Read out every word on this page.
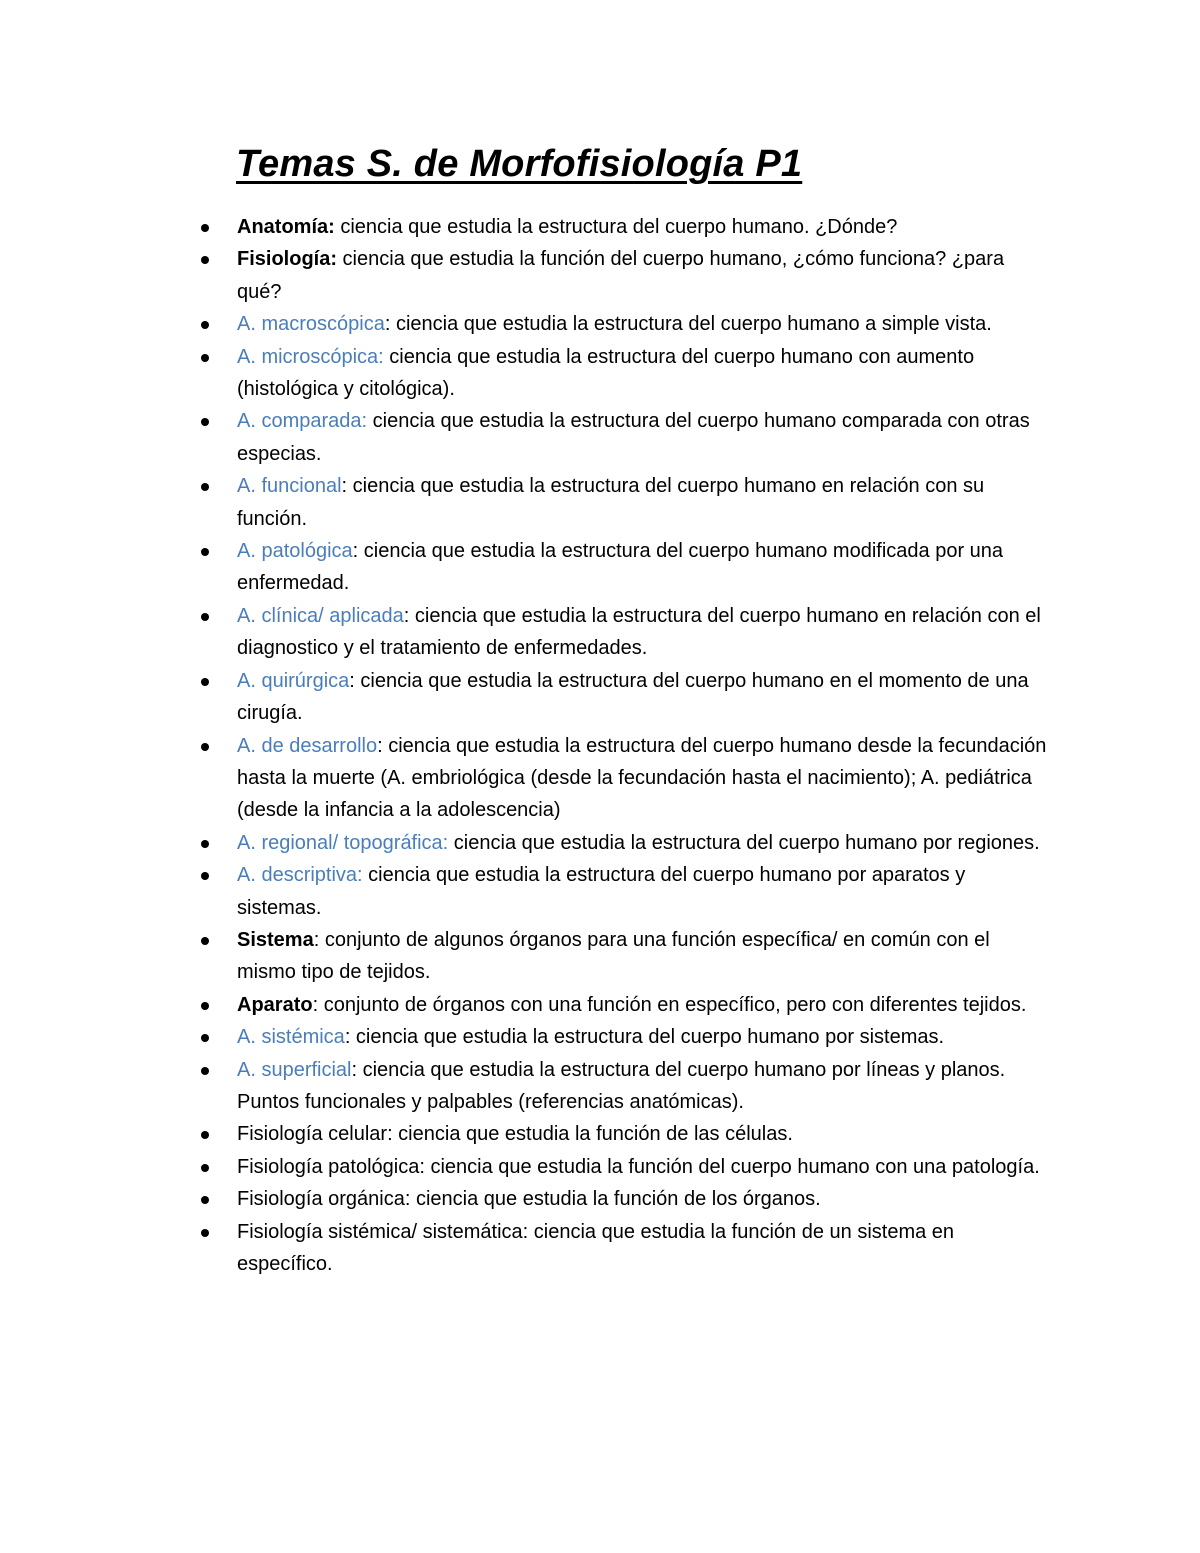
Temas S. de Morfofisiología P1
Anatomía: ciencia que estudia la estructura del cuerpo humano. ¿Dónde?
Fisiología: ciencia que estudia la función del cuerpo humano, ¿cómo funciona? ¿para qué?
A. macroscópica: ciencia que estudia la estructura del cuerpo humano a simple vista.
A. microscópica: ciencia que estudia la estructura del cuerpo humano con aumento (histológica y citológica).
A. comparada: ciencia que estudia la estructura del cuerpo humano comparada con otras especias.
A. funcional: ciencia que estudia la estructura del cuerpo humano en relación con su función.
A. patológica: ciencia que estudia la estructura del cuerpo humano modificada por una enfermedad.
A. clínica/ aplicada: ciencia que estudia la estructura del cuerpo humano en relación con el diagnostico y el tratamiento de enfermedades.
A. quirúrgica: ciencia que estudia la estructura del cuerpo humano en el momento de una cirugía.
A. de desarrollo: ciencia que estudia la estructura del cuerpo humano desde la fecundación hasta la muerte (A. embriológica (desde la fecundación hasta el nacimiento); A. pediátrica (desde la infancia a la adolescencia)
A. regional/ topográfica: ciencia que estudia la estructura del cuerpo humano por regiones.
A. descriptiva: ciencia que estudia la estructura del cuerpo humano por aparatos y sistemas.
Sistema: conjunto de algunos órganos para una función específica/ en común con el mismo tipo de tejidos.
Aparato: conjunto de órganos con una función en específico, pero con diferentes tejidos.
A. sistémica: ciencia que estudia la estructura del cuerpo humano por sistemas.
A. superficial: ciencia que estudia la estructura del cuerpo humano por líneas y planos. Puntos funcionales y palpables (referencias anatómicas).
Fisiología celular: ciencia que estudia la función de las células.
Fisiología patológica: ciencia que estudia la función del cuerpo humano con una patología.
Fisiología orgánica: ciencia que estudia la función de los órganos.
Fisiología sistémica/ sistemática: ciencia que estudia la función de un sistema en específico.
